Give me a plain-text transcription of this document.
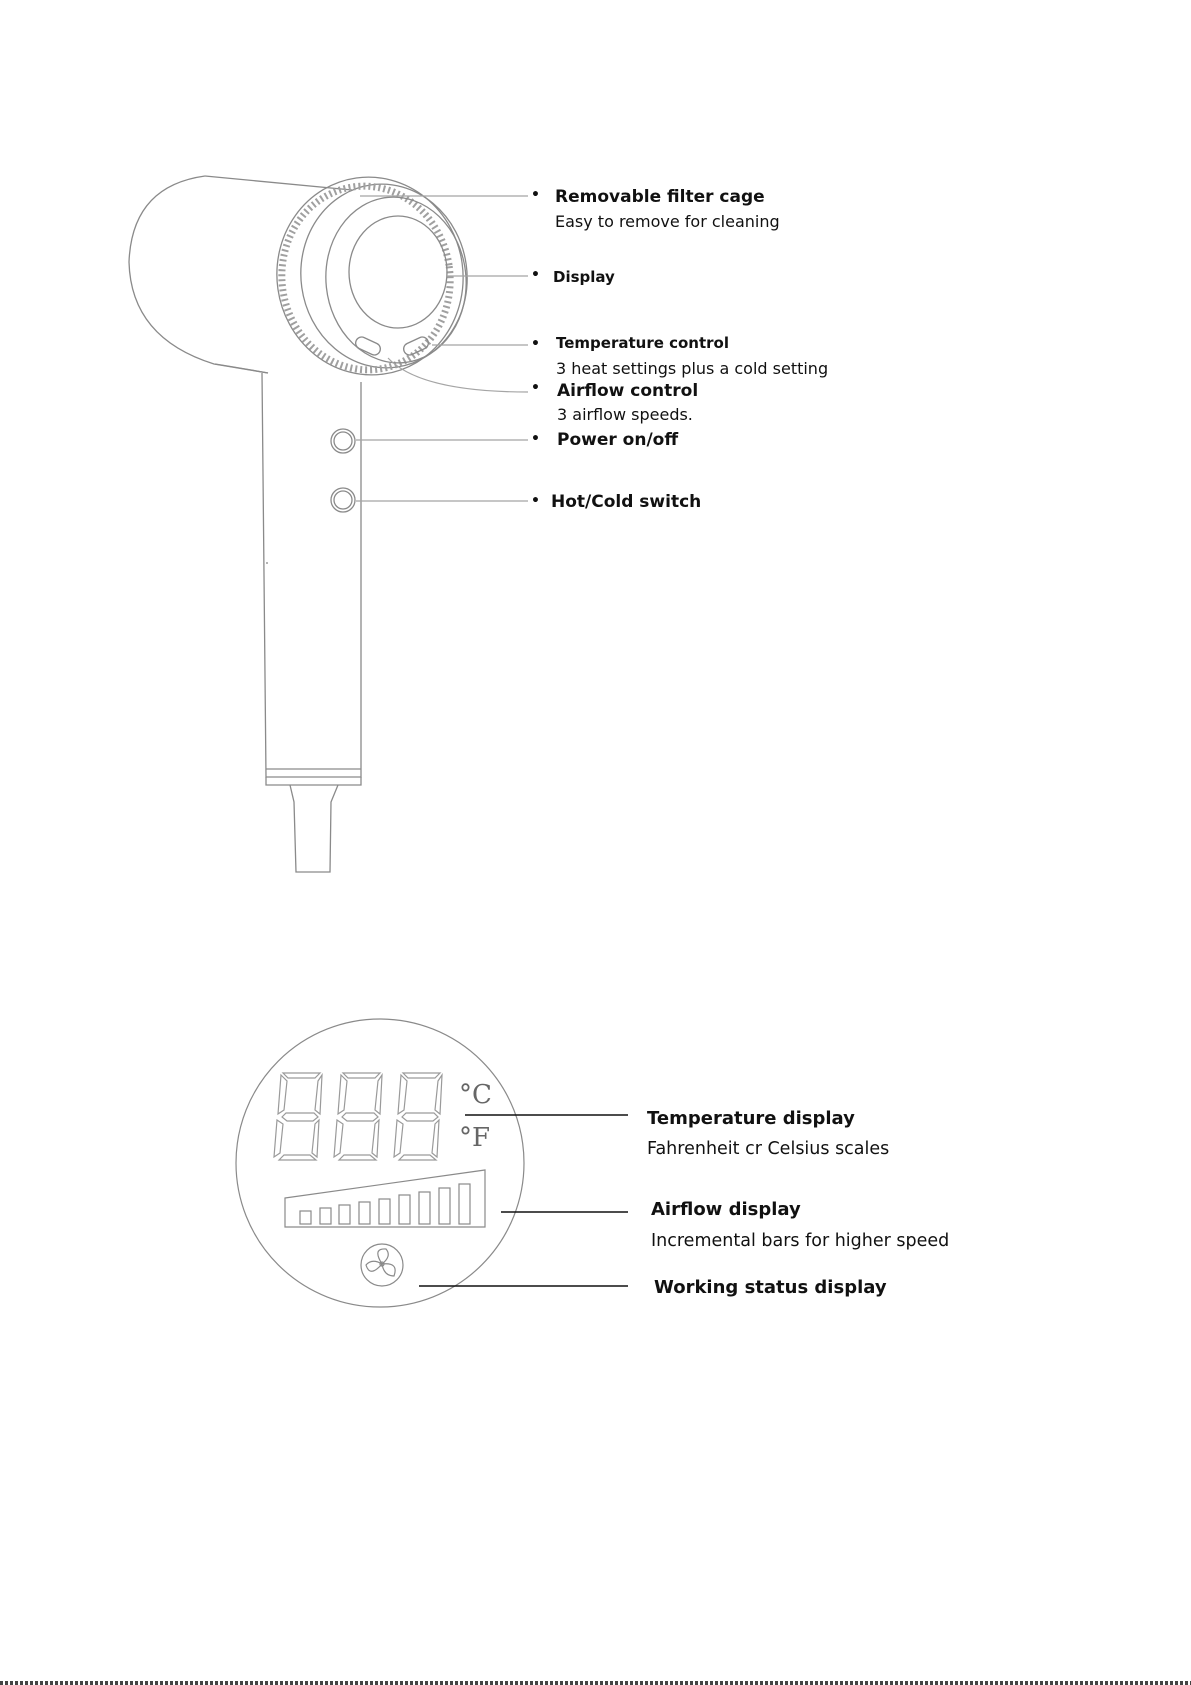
°C
°F
• Removable filter cage
Easy to remove for cleaning
• Display
• Temperature control
3 heat settings plus a cold setting
• Airflow control
3 airflow speeds.
• Power on/off
• Hot/Cold switch
Temperature display
Fahrenheit cr Celsius scales
Airflow display
Incremental bars for higher speed
Working status display
